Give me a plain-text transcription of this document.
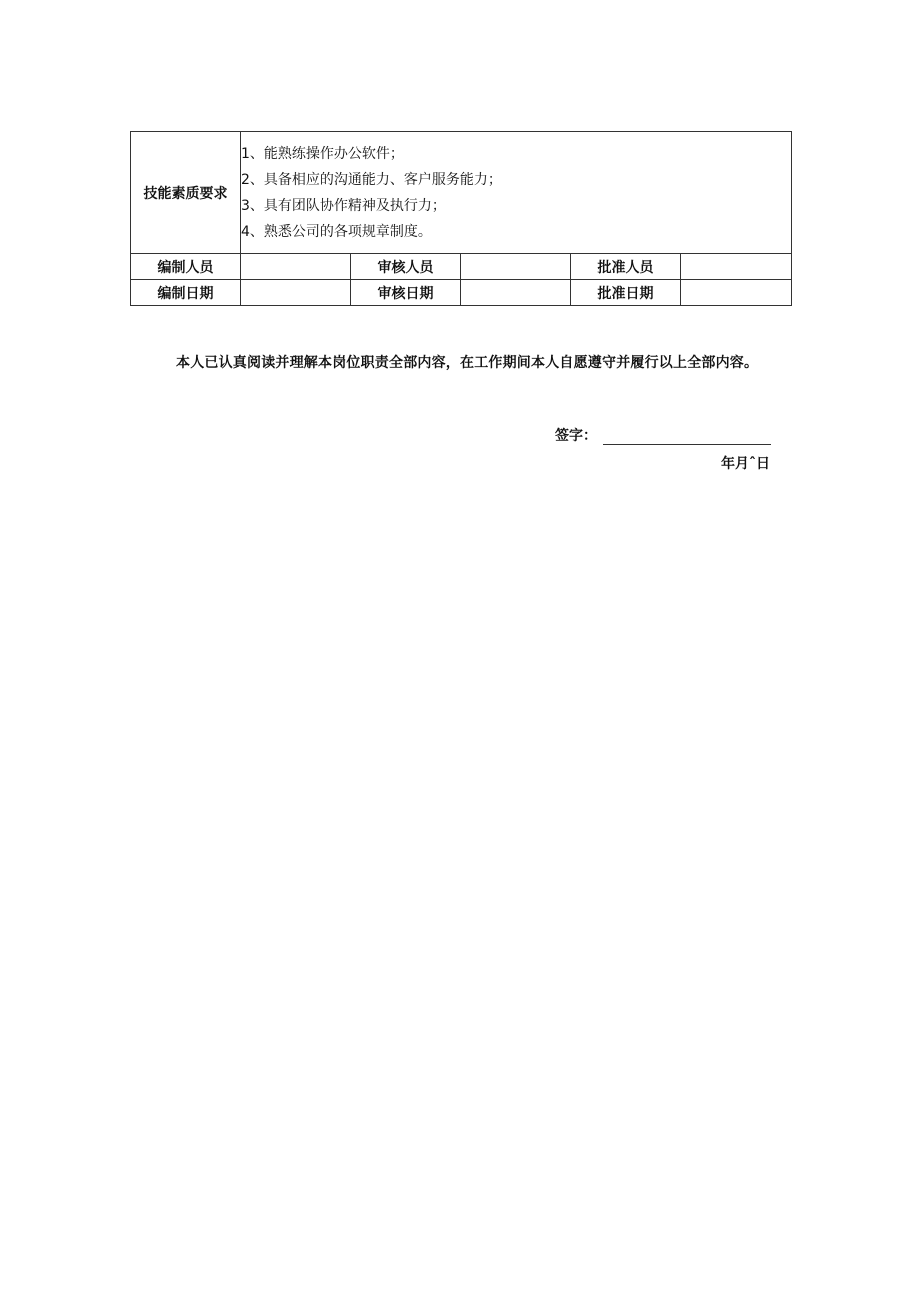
技能素质要求	1、能熟练操作办公软件；
2、具备相应的沟通能力、客户服务能力；
3、具有团队协作精神及执行力；
4、熟悉公司的各项规章制度。				

编制人员		审核人员		批准人员	
编制日期		审核日期		批准日期	
本人已认真阅读并理解本岗位职责全部内容，在工作期间本人自愿遵守并履行以上全部内容。
签字：
年月ˆ日
